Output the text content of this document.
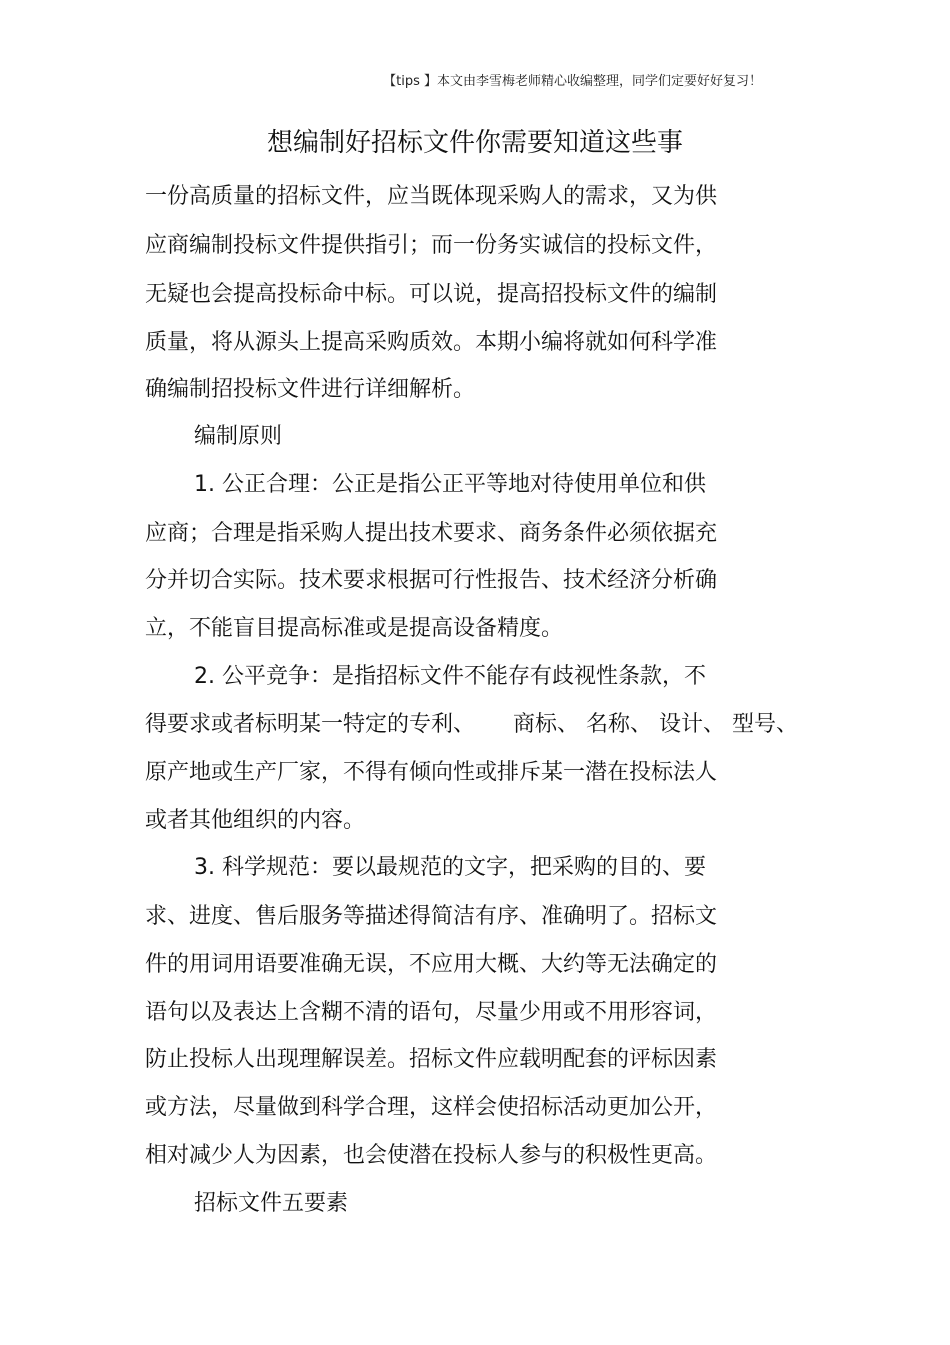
【tips 】本文由李雪梅老师精心收编整理，同学们定要好好复习！
想编制好招标文件你需要知道这些事
一份高质量的招标文件，应当既体现采购人的需求，又为供
应商编制投标文件提供指引；而一份务实诚信的投标文件，
无疑也会提高投标命中标。可以说，提高招投标文件的编制
质量，将从源头上提高采购质效。本期小编将就如何科学准
确编制招投标文件进行详细解析。
编制原则
1. 公正合理：公正是指公正平等地对待使用单位和供
应商；合理是指采购人提出技术要求、商务条件必须依据充
分并切合实际。技术要求根据可行性报告、技术经济分析确
立，不能盲目提高标准或是提高设备精度。
2. 公平竞争：是指招标文件不能存有歧视性条款，不
得要求或者标明某一特定的专利、 商标、 名称、 设计、 型号、
原产地或生产厂家，不得有倾向性或排斥某一潜在投标法人
或者其他组织的内容。
3. 科学规范：要以最规范的文字，把采购的目的、要
求、进度、售后服务等描述得简洁有序、准确明了。招标文
件的用词用语要准确无误，不应用大概、大约等无法确定的
语句以及表达上含糊不清的语句，尽量少用或不用形容词，
防止投标人出现理解误差。招标文件应载明配套的评标因素
或方法，尽量做到科学合理，这样会使招标活动更加公开，
相对减少人为因素，也会使潜在投标人参与的积极性更高。
招标文件五要素
